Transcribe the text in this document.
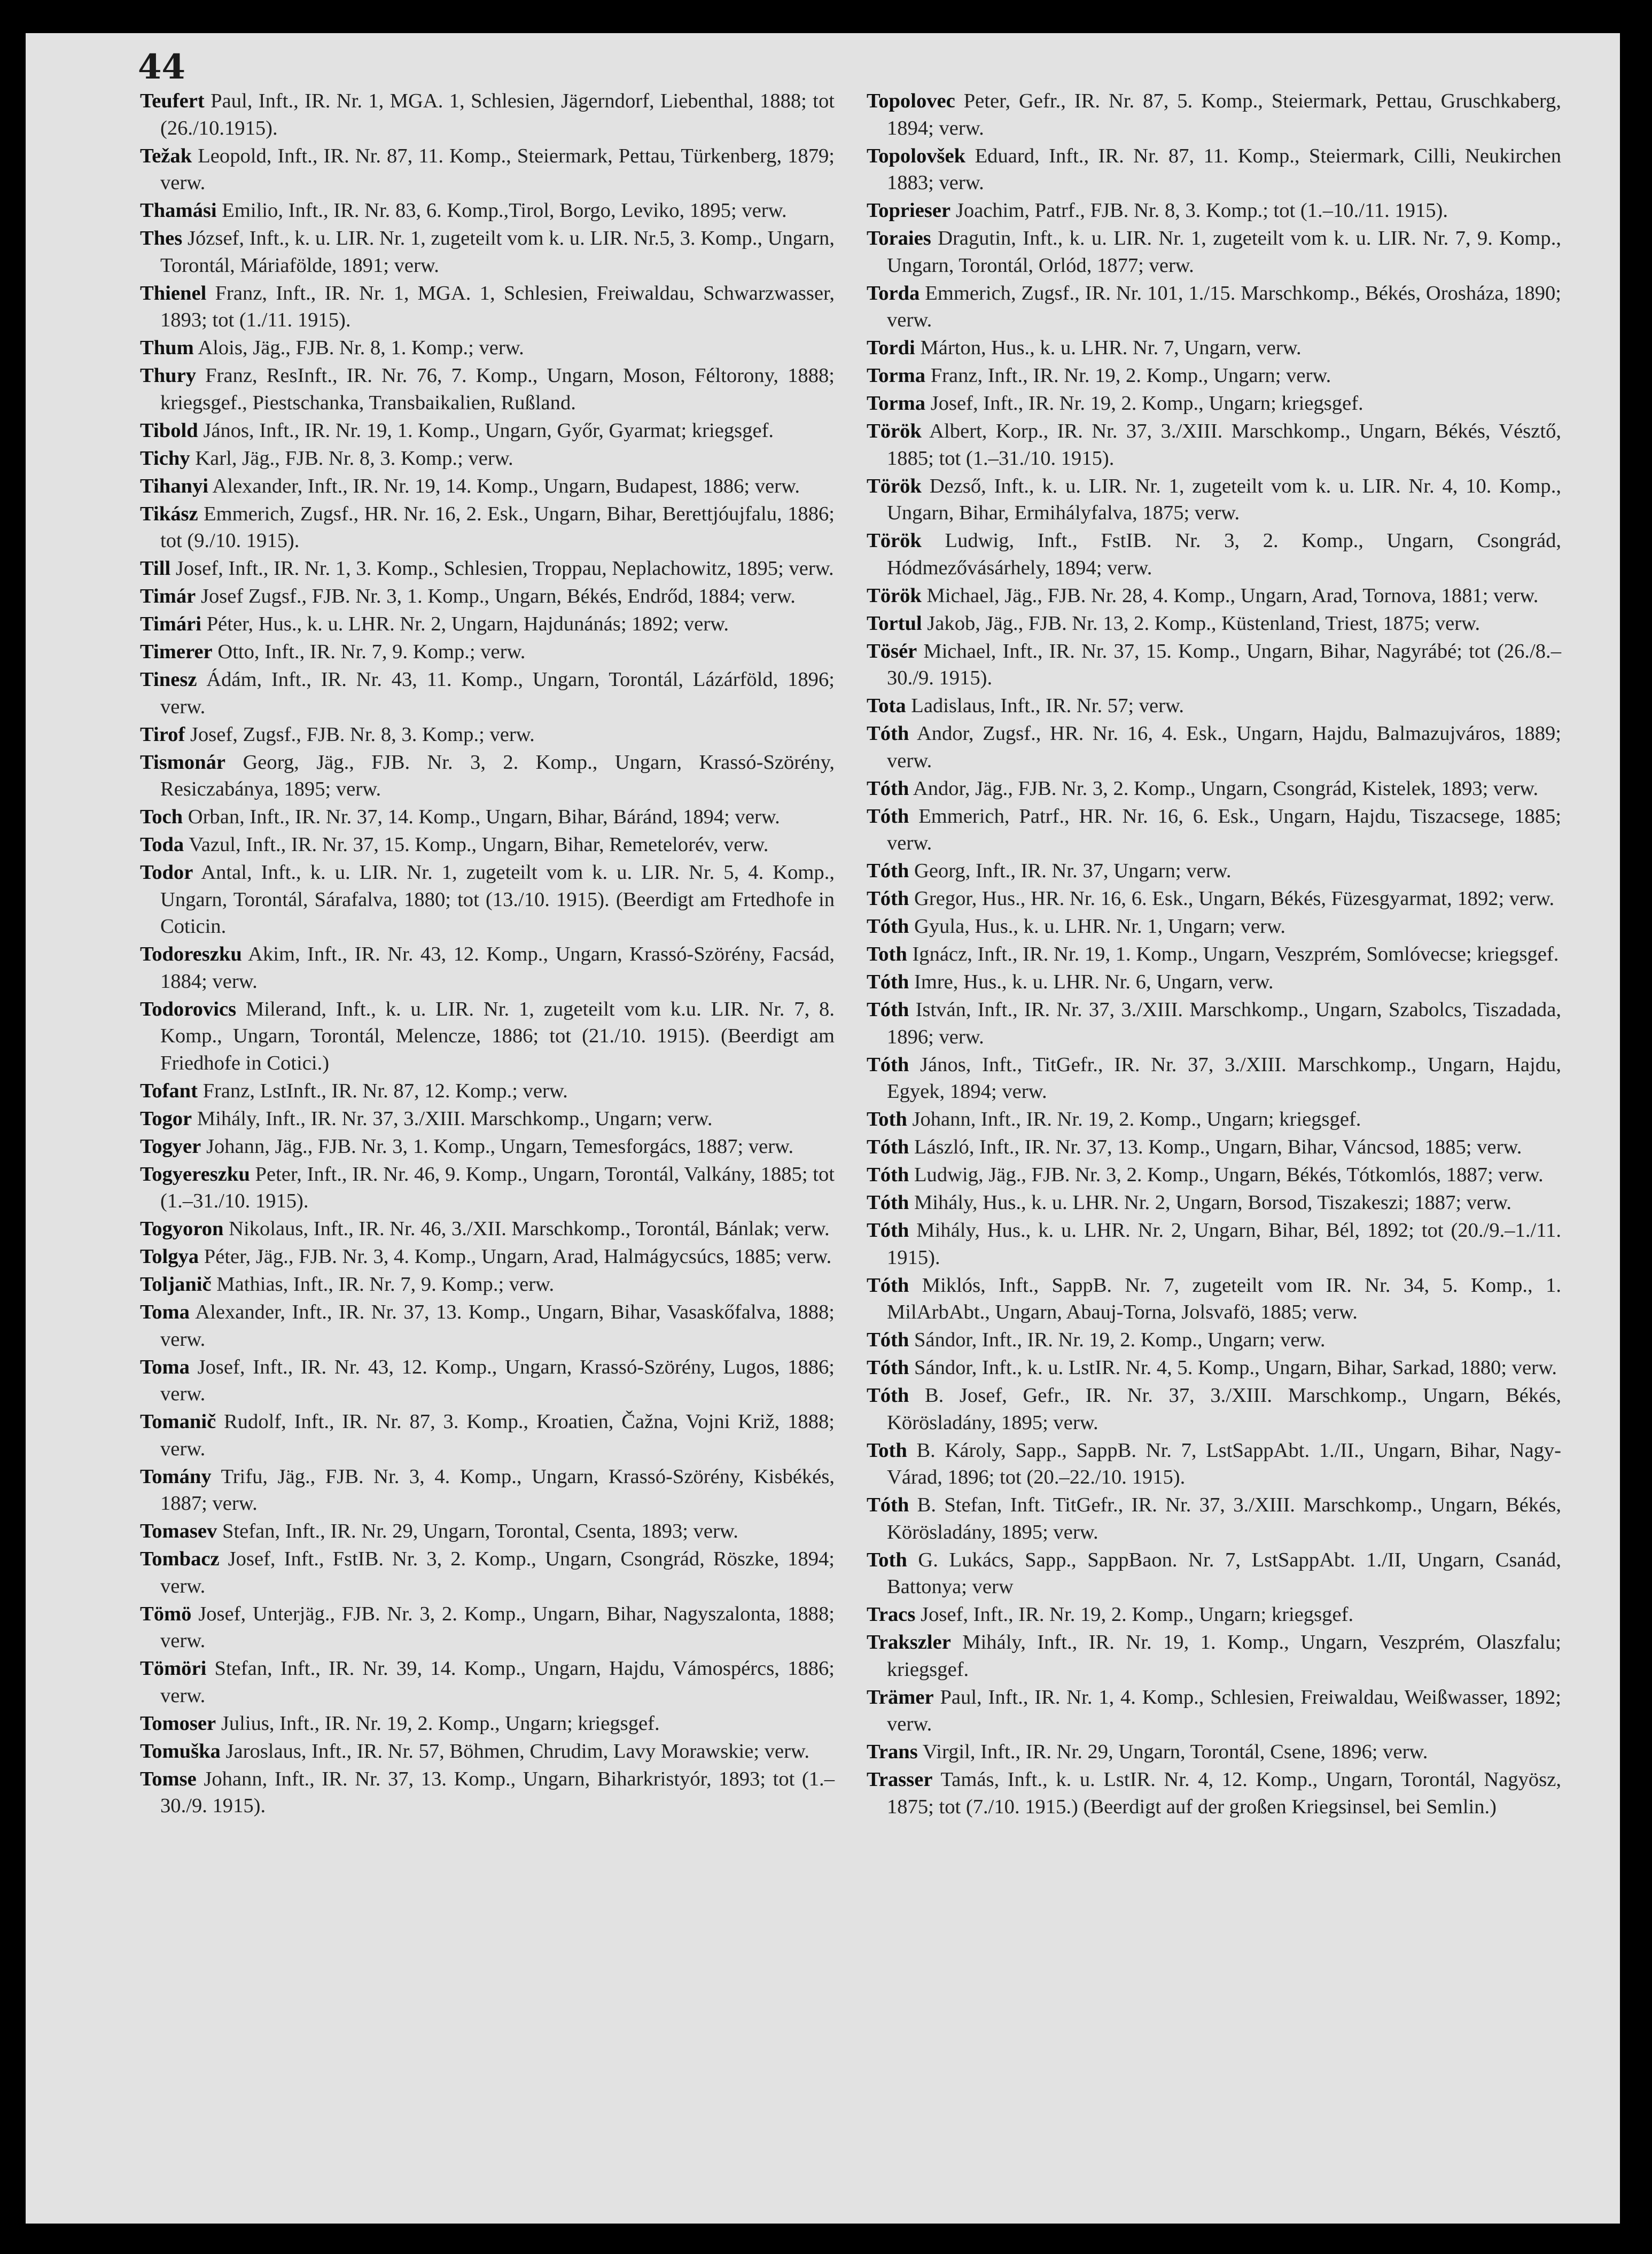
44

Teufert Paul, Inft., IR. Nr. 1, MGA. 1, Schlesien, Jägerndorf, Liebenthal, 1888; tot (26./10.1915).

Težak Leopold, Inft., IR. Nr. 87, 11. Komp., Steiermark, Pettau, Türkenberg, 1879; verw.

Thamási Emilio, Inft., IR. Nr. 83, 6. Komp.,Tirol, Borgo, Leviko, 1895; verw.

Thes József, Inft., k. u. LIR. Nr. 1, zugeteilt vom k. u. LIR. Nr.5, 3. Komp., Ungarn, Torontál, Máriafölde, 1891; verw.

Thienel Franz, Inft., IR. Nr. 1, MGA. 1, Schlesien, Freiwaldau, Schwarzwasser, 1893; tot (1./11. 1915).

Thum Alois, Jäg., FJB. Nr. 8, 1. Komp.; verw.

Thury Franz, ResInft., IR. Nr. 76, 7. Komp., Ungarn, Moson, Féltorony, 1888; kriegsgef., Piestschanka, Transbaikalien, Rußland.

Tibold János, Inft., IR. Nr. 19, 1. Komp., Ungarn, Győr, Gyarmat; kriegsgef.

Tichy Karl, Jäg., FJB. Nr. 8, 3. Komp.; verw.

Tihanyi Alexander, Inft., IR. Nr. 19, 14. Komp., Ungarn, Budapest, 1886; verw.

Tikász Emmerich, Zugsf., HR. Nr. 16, 2. Esk., Ungarn, Bihar, Berettjóujfalu, 1886; tot (9./10. 1915).

Till Josef, Inft., IR. Nr. 1, 3. Komp., Schlesien, Troppau, Neplachowitz, 1895; verw.

Timár Josef Zugsf., FJB. Nr. 3, 1. Komp., Ungarn, Békés, Endrőd, 1884; verw.

Timári Péter, Hus., k. u. LHR. Nr. 2, Ungarn, Hajdunánás; 1892; verw.

Timerer Otto, Inft., IR. Nr. 7, 9. Komp.; verw.

Tinesz Ádám, Inft., IR. Nr. 43, 11. Komp., Ungarn, Torontál, Lázárföld, 1896; verw.

Tirof Josef, Zugsf., FJB. Nr. 8, 3. Komp.; verw.

Tismonár Georg, Jäg., FJB. Nr. 3, 2. Komp., Ungarn, Krassó-Szörény, Resiczabánya, 1895; verw.

Toch Orban, Inft., IR. Nr. 37, 14. Komp., Ungarn, Bihar, Báránd, 1894; verw.

Toda Vazul, Inft., IR. Nr. 37, 15. Komp., Ungarn, Bihar, Remetelorév, verw.

Todor Antal, Inft., k. u. LIR. Nr. 1, zugeteilt vom k. u. LIR. Nr. 5, 4. Komp., Ungarn, Torontál, Sárafalva, 1880; tot (13./10. 1915). (Beerdigt am Frtedhofe in Coticin.

Todoreszku Akim, Inft., IR. Nr. 43, 12. Komp., Ungarn, Krassó-Szörény, Facsád, 1884; verw.

Todorovics Milerand, Inft., k. u. LIR. Nr. 1, zugeteilt vom k.u. LIR. Nr. 7, 8. Komp., Ungarn, Torontál, Melencze, 1886; tot (21./10. 1915). (Beerdigt am Friedhofe in Cotici.)

Tofant Franz, LstInft., IR. Nr. 87, 12. Komp.; verw.

Togor Mihály, Inft., IR. Nr. 37, 3./XIII. Marschkomp., Ungarn; verw.

Togyer Johann, Jäg., FJB. Nr. 3, 1. Komp., Ungarn, Temesforgács, 1887; verw.

Togyereszku Peter, Inft., IR. Nr. 46, 9. Komp., Ungarn, Torontál, Valkány, 1885; tot (1.–31./10. 1915).

Togyoron Nikolaus, Inft., IR. Nr. 46, 3./XII. Marschkomp., Torontál, Bánlak; verw.

Tolgya Péter, Jäg., FJB. Nr. 3, 4. Komp., Ungarn, Arad, Halmágycsúcs, 1885; verw.

Toljanič Mathias, Inft., IR. Nr. 7, 9. Komp.; verw.

Toma Alexander, Inft., IR. Nr. 37, 13. Komp., Ungarn, Bihar, Vasaskőfalva, 1888; verw.

Toma Josef, Inft., IR. Nr. 43, 12. Komp., Ungarn, Krassó-Szörény, Lugos, 1886; verw.

Tomanič Rudolf, Inft., IR. Nr. 87, 3. Komp., Kroatien, Čažna, Vojni Križ, 1888; verw.

Tomány Trifu, Jäg., FJB. Nr. 3, 4. Komp., Ungarn, Krassó-Szörény, Kisbékés, 1887; verw.

Tomasev Stefan, Inft., IR. Nr. 29, Ungarn, Torontal, Csenta, 1893; verw.

Tombacz Josef, Inft., FstIB. Nr. 3, 2. Komp., Ungarn, Csongrád, Röszke, 1894; verw.

Tömö Josef, Unterjäg., FJB. Nr. 3, 2. Komp., Ungarn, Bihar, Nagyszalonta, 1888; verw.

Tömöri Stefan, Inft., IR. Nr. 39, 14. Komp., Ungarn, Hajdu, Vámospércs, 1886; verw.

Tomoser Julius, Inft., IR. Nr. 19, 2. Komp., Ungarn; kriegsgef.

Tomuška Jaroslaus, Inft., IR. Nr. 57, Böhmen, Chrudim, Lavy Morawskie; verw.

Tomse Johann, Inft., IR. Nr. 37, 13. Komp., Ungarn, Biharkristyór, 1893; tot (1.–30./9. 1915).

Topolovec Peter, Gefr., IR. Nr. 87, 5. Komp., Steiermark, Pettau, Gruschkaberg, 1894; verw.

Topolovšek Eduard, Inft., IR. Nr. 87, 11. Komp., Steiermark, Cilli, Neukirchen 1883; verw.

Toprieser Joachim, Patrf., FJB. Nr. 8, 3. Komp.; tot (1.–10./11. 1915).

Toraies Dragutin, Inft., k. u. LIR. Nr. 1, zugeteilt vom k. u. LIR. Nr. 7, 9. Komp., Ungarn, Torontál, Orlód, 1877; verw.

Torda Emmerich, Zugsf., IR. Nr. 101, 1./15. Marschkomp., Békés, Orosháza, 1890; verw.

Tordi Márton, Hus., k. u. LHR. Nr. 7, Ungarn, verw.

Torma Franz, Inft., IR. Nr. 19, 2. Komp., Ungarn; verw.

Torma Josef, Inft., IR. Nr. 19, 2. Komp., Ungarn; kriegsgef.

Török Albert, Korp., IR. Nr. 37, 3./XIII. Marschkomp., Ungarn, Békés, Vésztő, 1885; tot (1.–31./10. 1915).

Török Dezső, Inft., k. u. LIR. Nr. 1, zugeteilt vom k. u. LIR. Nr. 4, 10. Komp., Ungarn, Bihar, Ermihályfalva, 1875; verw.

Török Ludwig, Inft., FstIB. Nr. 3, 2. Komp., Ungarn, Csongrád, Hódmezővásárhely, 1894; verw.

Török Michael, Jäg., FJB. Nr. 28, 4. Komp., Ungarn, Arad, Tornova, 1881; verw.

Tortul Jakob, Jäg., FJB. Nr. 13, 2. Komp., Küstenland, Triest, 1875; verw.

Tösér Michael, Inft., IR. Nr. 37, 15. Komp., Ungarn, Bihar, Nagyrábé; tot (26./8.–30./9. 1915).

Tota Ladislaus, Inft., IR. Nr. 57; verw.

Tóth Andor, Zugsf., HR. Nr. 16, 4. Esk., Ungarn, Hajdu, Balmazujváros, 1889; verw.

Tóth Andor, Jäg., FJB. Nr. 3, 2. Komp., Ungarn, Csongrád, Kistelek, 1893; verw.

Tóth Emmerich, Patrf., HR. Nr. 16, 6. Esk., Ungarn, Hajdu, Tiszacsege, 1885; verw.

Tóth Georg, Inft., IR. Nr. 37, Ungarn; verw.

Tóth Gregor, Hus., HR. Nr. 16, 6. Esk., Ungarn, Békés, Füzesgyarmat, 1892; verw.

Tóth Gyula, Hus., k. u. LHR. Nr. 1, Ungarn; verw.

Toth Ignácz, Inft., IR. Nr. 19, 1. Komp., Ungarn, Veszprém, Somlóvecse; kriegsgef.

Tóth Imre, Hus., k. u. LHR. Nr. 6, Ungarn, verw.

Tóth István, Inft., IR. Nr. 37, 3./XIII. Marschkomp., Ungarn, Szabolcs, Tiszadada, 1896; verw.

Tóth János, Inft., TitGefr., IR. Nr. 37, 3./XIII. Marschkomp., Ungarn, Hajdu, Egyek, 1894; verw.

Toth Johann, Inft., IR. Nr. 19, 2. Komp., Ungarn; kriegsgef.

Tóth László, Inft., IR. Nr. 37, 13. Komp., Ungarn, Bihar, Váncsod, 1885; verw.

Tóth Ludwig, Jäg., FJB. Nr. 3, 2. Komp., Ungarn, Békés, Tótkomlós, 1887; verw.

Tóth Mihály, Hus., k. u. LHR. Nr. 2, Ungarn, Borsod, Tiszakeszi; 1887; verw.

Tóth Mihály, Hus., k. u. LHR. Nr. 2, Ungarn, Bihar, Bél, 1892; tot (20./9.–1./11. 1915).

Tóth Miklós, Inft., SappB. Nr. 7, zugeteilt vom IR. Nr. 34, 5. Komp., 1. MilArbAbt., Ungarn, Abauj-Torna, Jolsvafö, 1885; verw.

Tóth Sándor, Inft., IR. Nr. 19, 2. Komp., Ungarn; verw.

Tóth Sándor, Inft., k. u. LstIR. Nr. 4, 5. Komp., Ungarn, Bihar, Sarkad, 1880; verw.

Tóth B. Josef, Gefr., IR. Nr. 37, 3./XIII. Marschkomp., Ungarn, Békés, Körösladány, 1895; verw.

Toth B. Károly, Sapp., SappB. Nr. 7, LstSappAbt. 1./II., Ungarn, Bihar, Nagy-Várad, 1896; tot (20.–22./10. 1915).

Tóth B. Stefan, Inft. TitGefr., IR. Nr. 37, 3./XIII. Marschkomp., Ungarn, Békés, Körösladány, 1895; verw.

Toth G. Lukács, Sapp., SappBaon. Nr. 7, LstSappAbt. 1./II, Ungarn, Csanád, Battonya; verw

Tracs Josef, Inft., IR. Nr. 19, 2. Komp., Ungarn; kriegsgef.

Trakszler Mihály, Inft., IR. Nr. 19, 1. Komp., Ungarn, Veszprém, Olaszfalu; kriegsgef.

Trämer Paul, Inft., IR. Nr. 1, 4. Komp., Schlesien, Freiwaldau, Weißwasser, 1892; verw.

Trans Virgil, Inft., IR. Nr. 29, Ungarn, Torontál, Csene, 1896; verw.

Trasser Tamás, Inft., k. u. LstIR. Nr. 4, 12. Komp., Ungarn, Torontál, Nagyösz, 1875; tot (7./10. 1915.) (Beerdigt auf der großen Kriegsinsel, bei Semlin.)
